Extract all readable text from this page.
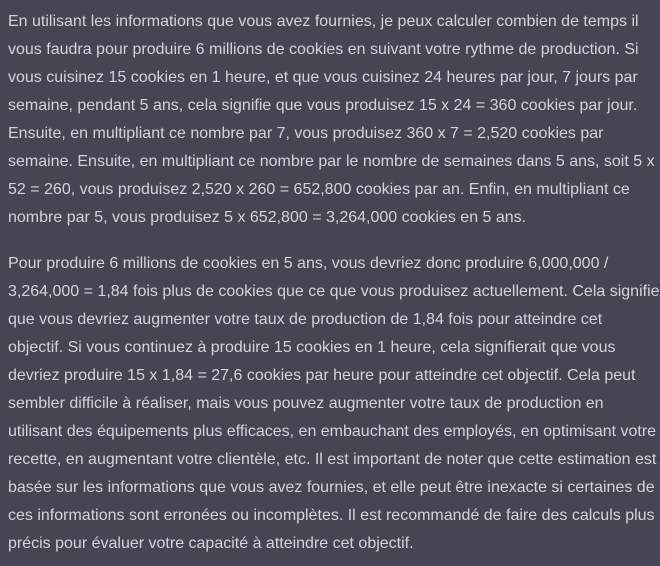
En utilisant les informations que vous avez fournies, je peux calculer combien de temps il vous faudra pour produire 6 millions de cookies en suivant votre rythme de production. Si vous cuisinez 15 cookies en 1 heure, et que vous cuisinez 24 heures par jour, 7 jours par semaine, pendant 5 ans, cela signifie que vous produisez 15 x 24 = 360 cookies par jour. Ensuite, en multipliant ce nombre par 7, vous produisez 360 x 7 = 2,520 cookies par semaine. Ensuite, en multipliant ce nombre par le nombre de semaines dans 5 ans, soit 5 x 52 = 260, vous produisez 2,520 x 260 = 652,800 cookies par an. Enfin, en multipliant ce nombre par 5, vous produisez 5 x 652,800 = 3,264,000 cookies en 5 ans.

Pour produire 6 millions de cookies en 5 ans, vous devriez donc produire 6,000,000 / 3,264,000 = 1,84 fois plus de cookies que ce que vous produisez actuellement. Cela signifie que vous devriez augmenter votre taux de production de 1,84 fois pour atteindre cet objectif. Si vous continuez à produire 15 cookies en 1 heure, cela signifierait que vous devriez produire 15 x 1,84 = 27,6 cookies par heure pour atteindre cet objectif. Cela peut sembler difficile à réaliser, mais vous pouvez augmenter votre taux de production en utilisant des équipements plus efficaces, en embauchant des employés, en optimisant votre recette, en augmentant votre clientèle, etc. Il est important de noter que cette estimation est basée sur les informations que vous avez fournies, et elle peut être inexacte si certaines de ces informations sont erronées ou incomplètes. Il est recommandé de faire des calculs plus précis pour évaluer votre capacité à atteindre cet objectif.
